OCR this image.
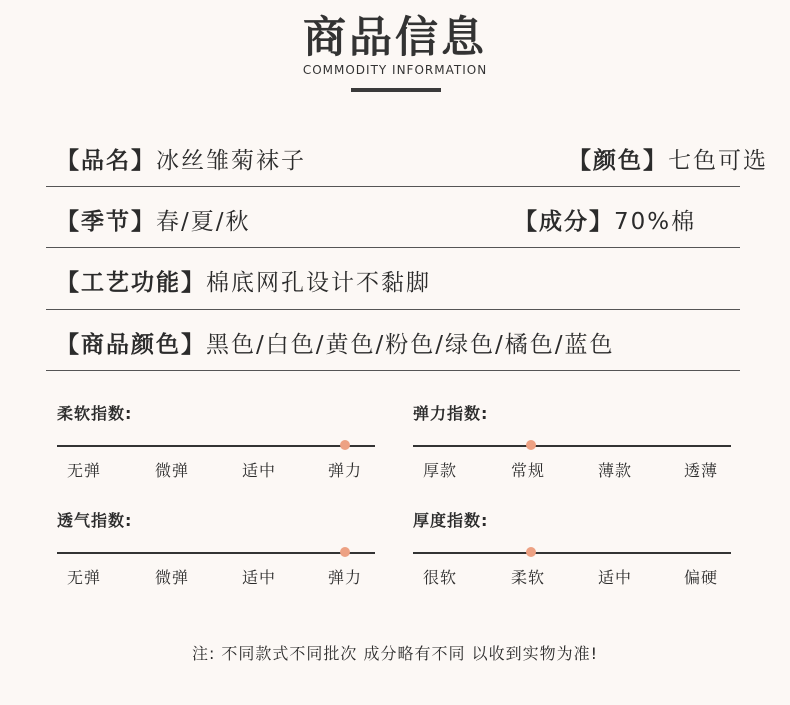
商品信息
COMMODITY INFORMATION
【品名】冰丝雏菊袜子	【颜色】七色可选
【季节】春/夏/秋	【成分】70%棉
【工艺功能】棉底网孔设计不黏脚
【商品颜色】黑色/白色/黄色/粉色/绿色/橘色/蓝色
柔软指数:
无弹	微弹	适中	弹力
弹力指数:
厚款	常规	薄款	透薄
透气指数:
无弹	微弹	适中	弹力
厚度指数:
很软	柔软	适中	偏硬
注: 不同款式不同批次 成分略有不同 以收到实物为准!
